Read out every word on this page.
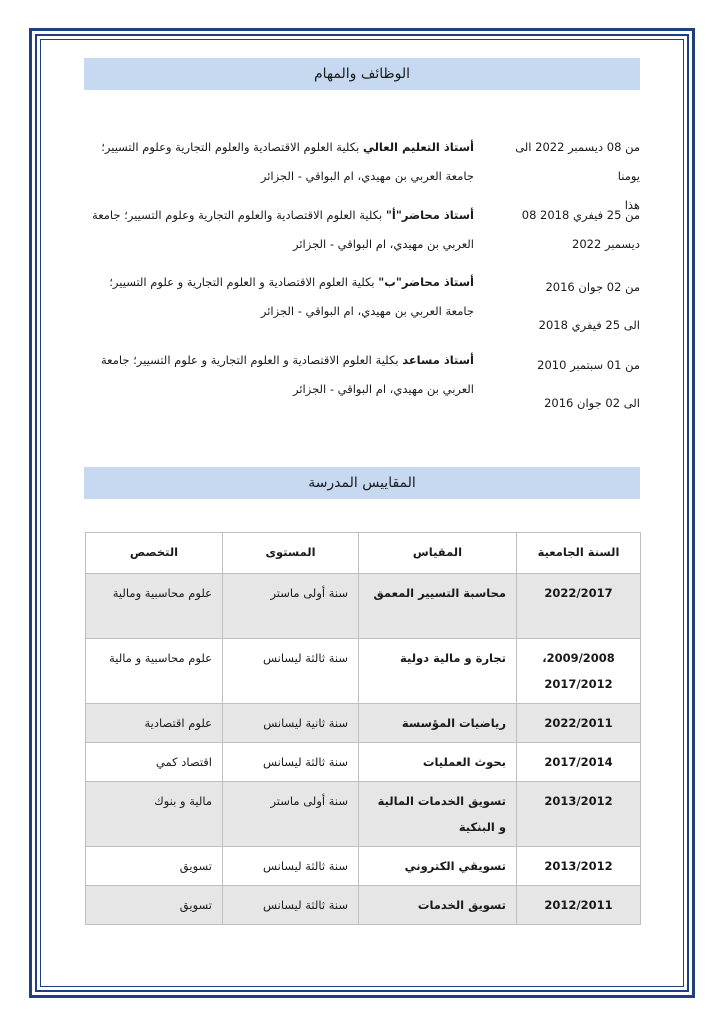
الوظائف والمهام
من 08 ديسمبر 2022 الى يومنا
هذا
أستاذ التعليم العالي بكلية العلوم الاقتصادية والعلوم التجارية وعلوم التسيير؛ جامعة العربي بن مهيدي، ام البواقي - الجزائر
من 25 فيفري 2018 08
ديسمبر 2022
أستاذ محاضر"أ" بكلية العلوم الاقتصادية والعلوم التجارية وعلوم التسيير؛ جامعة العربي بن مهيدي، ام البواقي - الجزائر
من 02 جوان 2016
الى 25 فيفري 2018
أستاذ محاضر"ب" بكلية العلوم الاقتصادية و العلوم التجارية و علوم التسيير؛ جامعة العربي بن مهيدي، ام البواقي - الجزائر
من 01 سبتمبر 2010
الى 02 جوان 2016
أستاذ مساعد بكلية العلوم الاقتصادية و العلوم التجارية و علوم التسيير؛ جامعة العربي بن مهيدي، ام البواقي - الجزائر
المقاييس المدرسة
السنة الجامعية	المقياس	المستوى	التخصص
2022/2017	محاسبة التسيير المعمق	سنة أولى ماستر	علوم محاسبية ومالية
2009/2008، 2017/2012	تجارة و مالية دولية	سنة ثالثة ليسانس	علوم محاسبية و مالية
2022/2011	رياضيات المؤسسة	سنة ثانية ليسانس	علوم اقتصادية
2017/2014	بحوث العمليات	سنة ثالثة ليسانس	اقتصاد كمي
2013/2012	تسويق الخدمات المالية و البنكية	سنة أولى ماستر	مالية و بنوك
2013/2012	تسويقي الكتروني	سنة ثالثة ليسانس	تسويق
2012/2011	تسويق الخدمات	سنة ثالثة ليسانس	تسويق
